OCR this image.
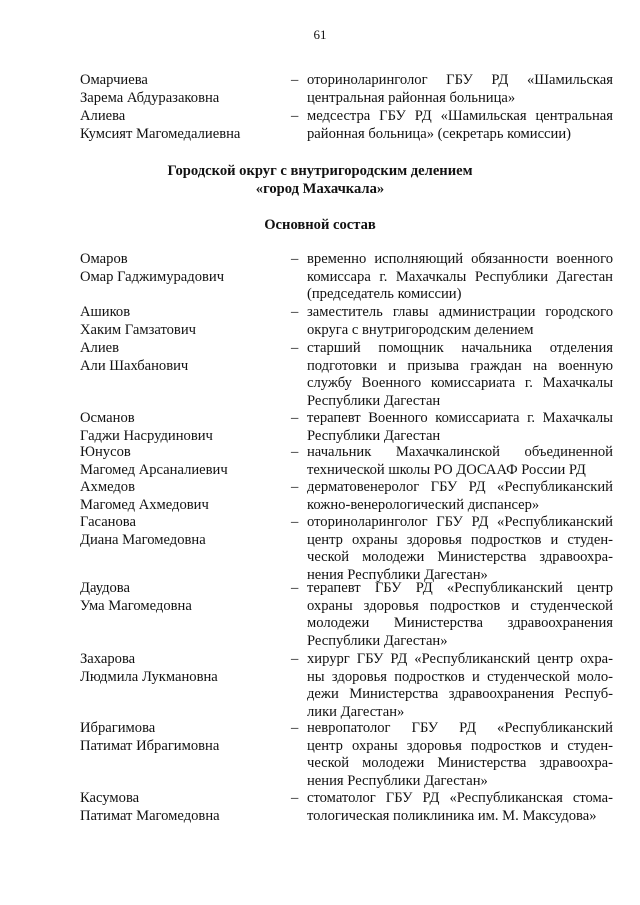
61
Омарчиева
Зарема Абдуразаковна
– оториноларинголог ГБУ РД «Шамильская
центральная районная больница»
Алиева
Кумсият Магомедалиевна
– медсестра ГБУ РД «Шамильская центральная
районная больница» (секретарь комиссии)
Городской округ с внутригородским делением
«город Махачкала»
Основной состав
Омаров
Омар Гаджимурадович
– временно исполняющий обязанности военного
комиссара г. Махачкалы Республики Дагестан
(председатель комиссии)
Ашиков
Хаким Гамзатович
– заместитель главы администрации городского
округа с внутригородским делением
Алиев
Али Шахбанович
– старший помощник начальника отделения
подготовки и призыва граждан на военную
службу Военного комиссариата г. Махачкалы
Республики Дагестан
Османов
Гаджи Насрудинович
– терапевт Военного комиссариата г. Махачкалы
Республики Дагестан
Юнусов
Магомед Арсаналиевич
– начальник Махачкалинской объединенной
технической школы РО ДОСААФ России РД
Ахмедов
Магомед Ахмедович
– дерматовенеролог ГБУ РД «Республиканский
кожно-венерологический диспансер»
Гасанова
Диана Магомедовна
– оториноларинголог ГБУ РД «Республиканский
центр охраны здоровья подростков и студен-
ческой молодежи Министерства здравоохра-
нения Республики Дагестан»
Даудова
Ума Магомедовна
– терапевт ГБУ РД «Республиканский центр
охраны здоровья подростков и студенческой
молодежи Министерства здравоохранения
Республики Дагестан»
Захарова
Людмила Лукмановна
– хирург ГБУ РД «Республиканский центр охра-
ны здоровья подростков и студенческой моло-
дежи Министерства здравоохранения Респуб-
лики Дагестан»
Ибрагимова
Патимат Ибрагимовна
– невропатолог ГБУ РД «Республиканский
центр охраны здоровья подростков и студен-
ческой молодежи Министерства здравоохра-
нения Республики Дагестан»
Касумова
Патимат Магомедовна
– стоматолог ГБУ РД «Республиканская стома-
тологическая поликлиника им. М. Максудова»
